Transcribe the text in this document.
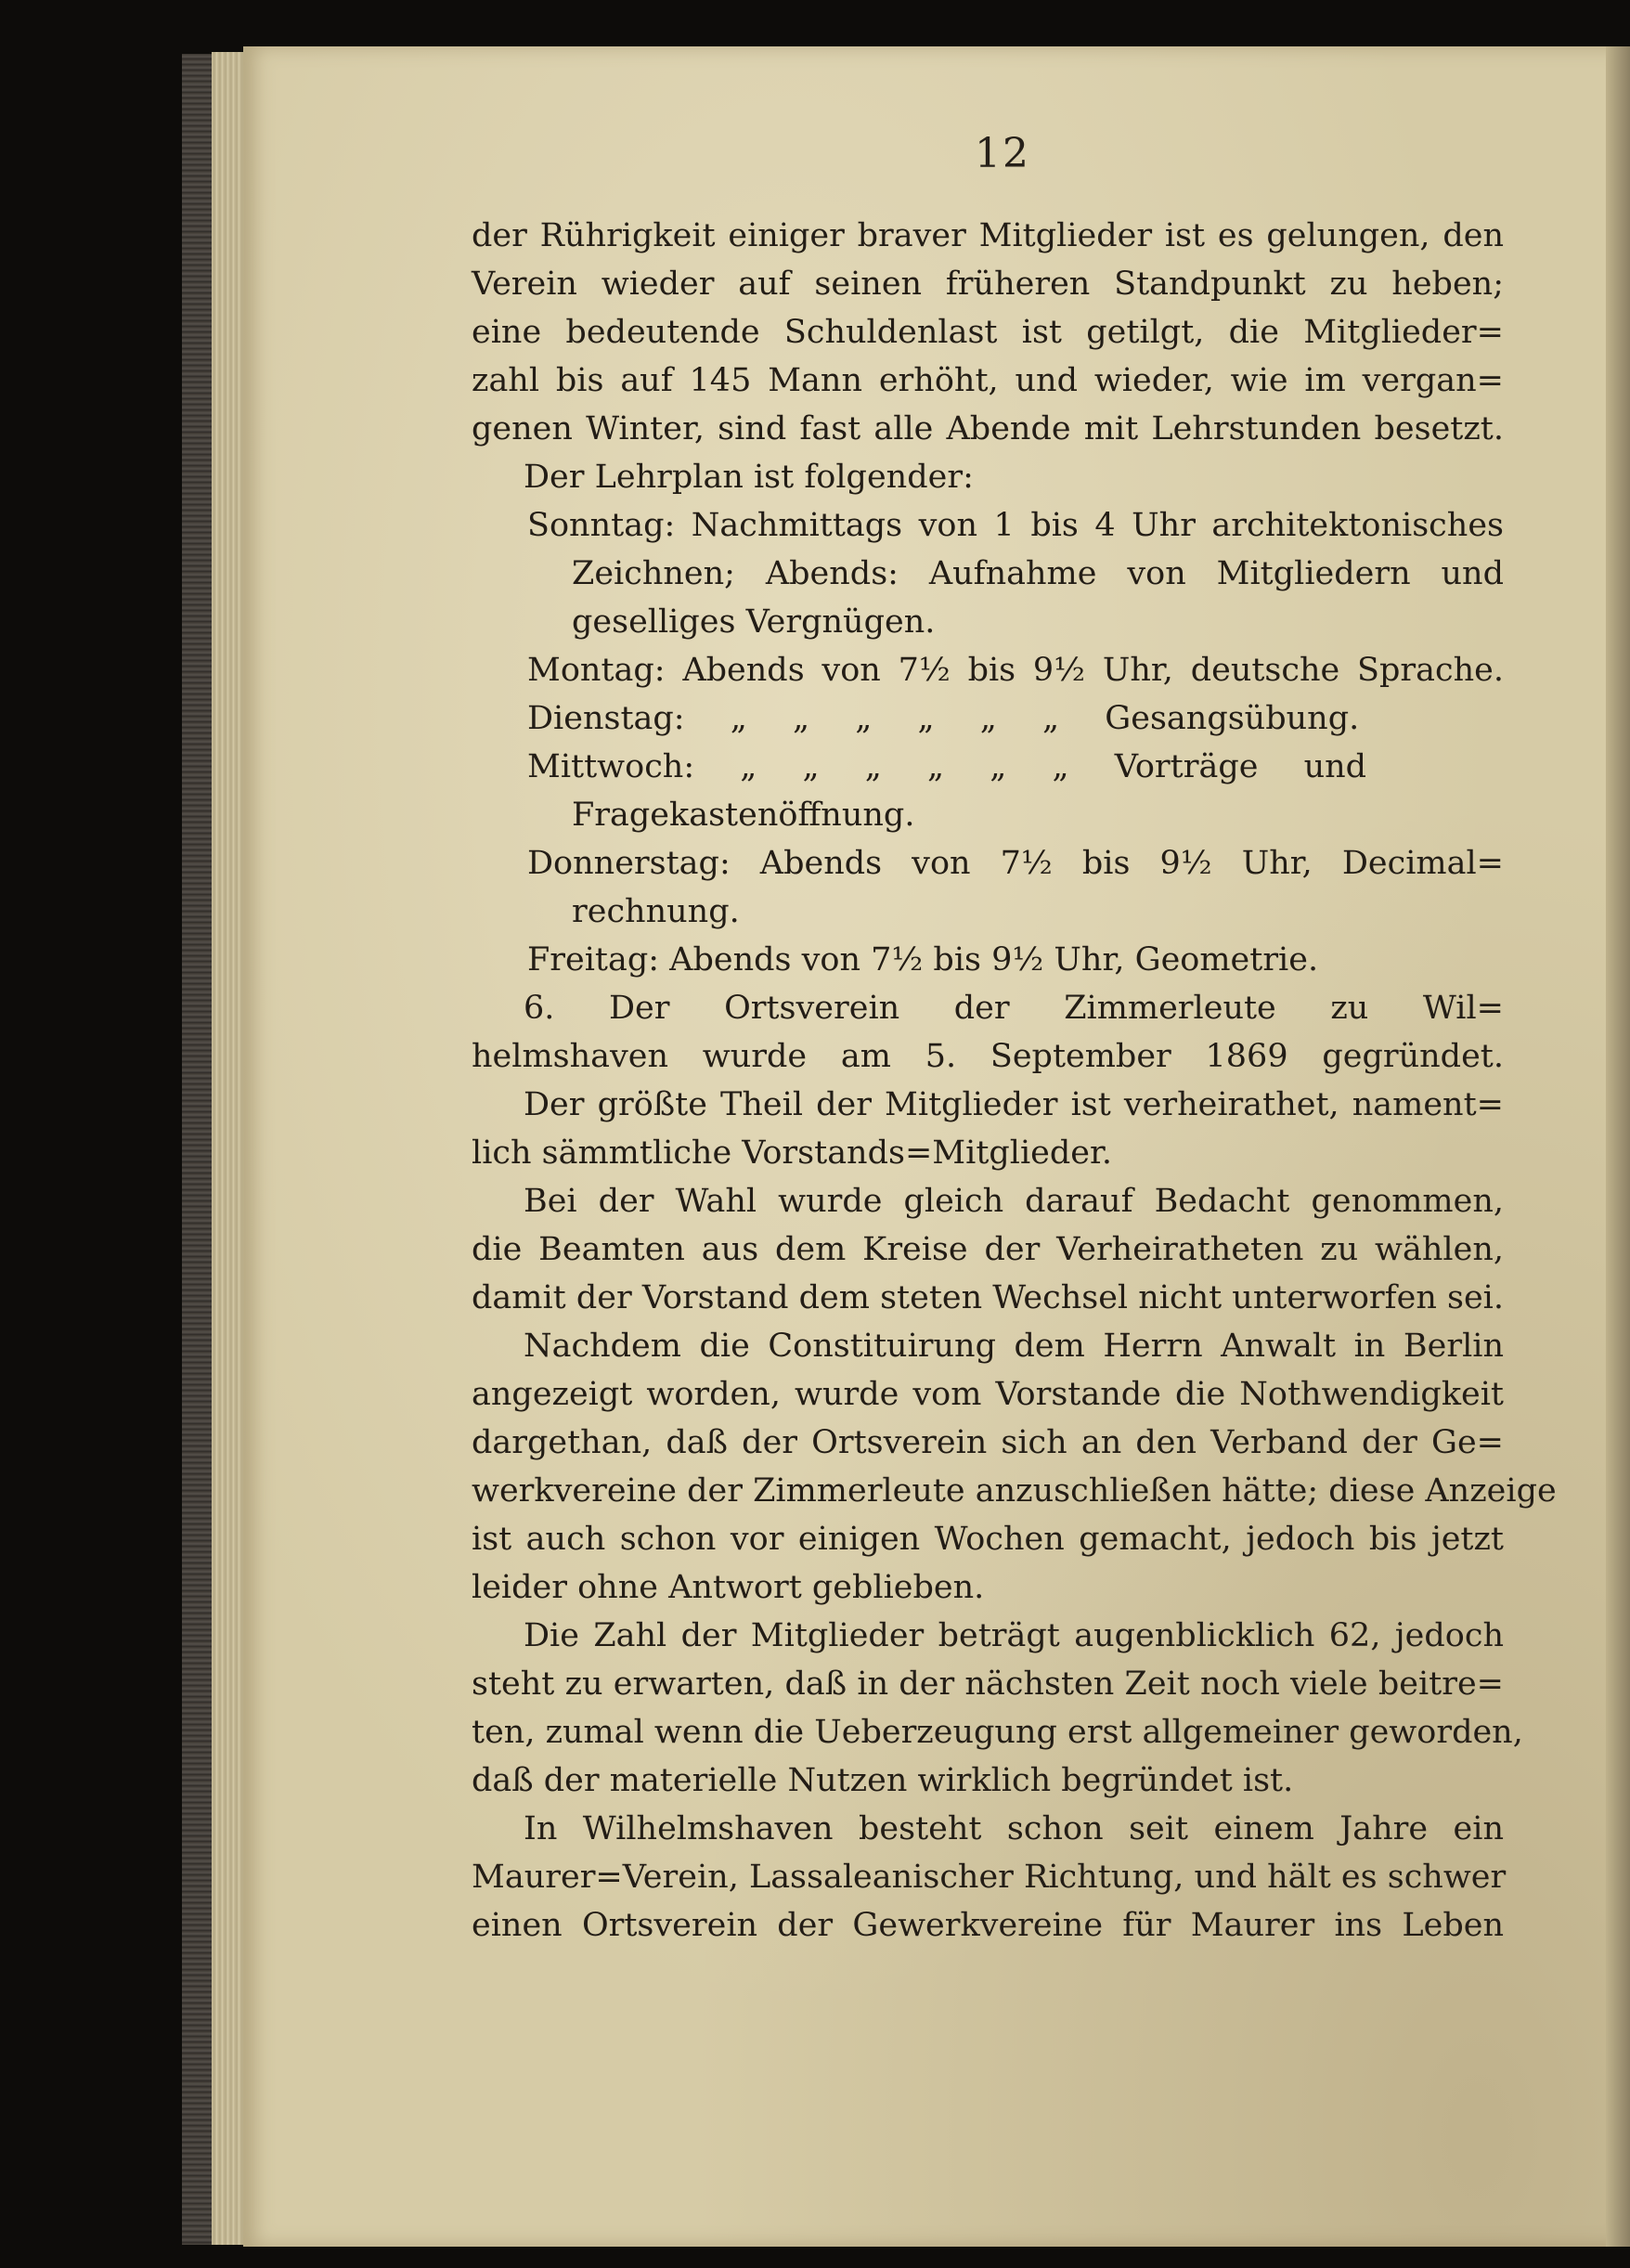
12
der Rührigkeit einiger braver Mitglieder ist es gelungen, den
Verein wieder auf seinen früheren Standpunkt zu heben;
eine bedeutende Schuldenlast ist getilgt, die Mitglieder=
zahl bis auf 145 Mann erhöht, und wieder, wie im vergan=
genen Winter, sind fast alle Abende mit Lehrstunden besetzt.
Der Lehrplan ist folgender:
Sonntag: Nachmittags von 1 bis 4 Uhr architektonisches
Zeichnen; Abends: Aufnahme von Mitgliedern und
geselliges Vergnügen.
Montag: Abends von 7½ bis 9½ Uhr, deutsche Sprache.
Dienstag: „ „ „ „ „ „ Gesangsübung.
Mittwoch: „ „ „ „ „ „ Vorträge und
Fragekastenöffnung.
Donnerstag: Abends von 7½ bis 9½ Uhr, Decimal=
rechnung.
Freitag: Abends von 7½ bis 9½ Uhr, Geometrie.
6. Der Ortsverein der Zimmerleute zu Wil=
helmshaven wurde am 5. September 1869 gegründet.
Der größte Theil der Mitglieder ist verheirathet, nament=
lich sämmtliche Vorstands=Mitglieder.
Bei der Wahl wurde gleich darauf Bedacht genommen,
die Beamten aus dem Kreise der Verheiratheten zu wählen,
damit der Vorstand dem steten Wechsel nicht unterworfen sei.
Nachdem die Constituirung dem Herrn Anwalt in Berlin
angezeigt worden, wurde vom Vorstande die Nothwendigkeit
dargethan, daß der Ortsverein sich an den Verband der Ge=
werkvereine der Zimmerleute anzuschließen hätte; diese Anzeige
ist auch schon vor einigen Wochen gemacht, jedoch bis jetzt
leider ohne Antwort geblieben.
Die Zahl der Mitglieder beträgt augenblicklich 62, jedoch
steht zu erwarten, daß in der nächsten Zeit noch viele beitre=
ten, zumal wenn die Ueberzeugung erst allgemeiner geworden,
daß der materielle Nutzen wirklich begründet ist.
In Wilhelmshaven besteht schon seit einem Jahre ein
Maurer=Verein, Lassaleanischer Richtung, und hält es schwer
einen Ortsverein der Gewerkvereine für Maurer ins Leben
